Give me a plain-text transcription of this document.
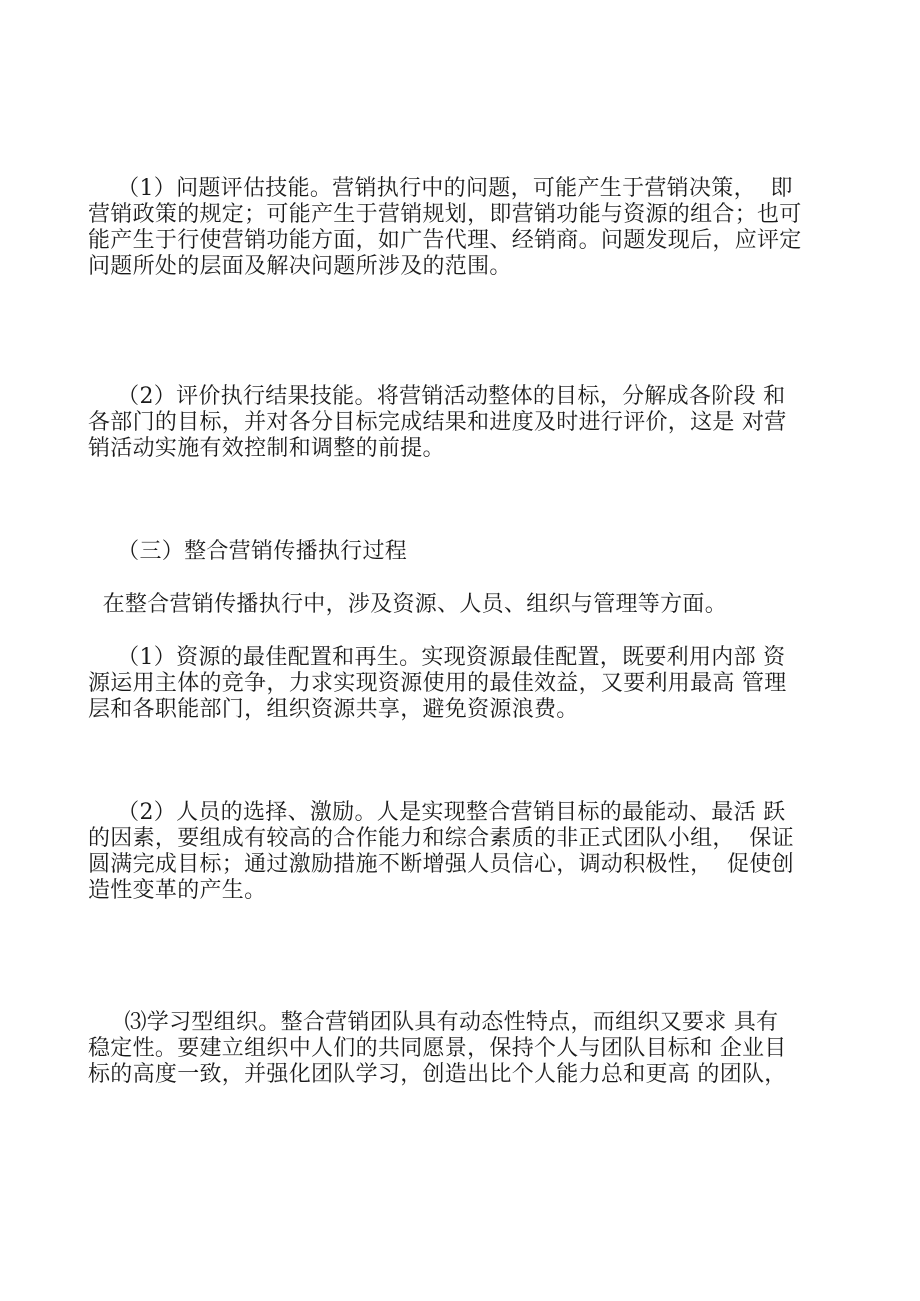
（1）问题评估技能。营销执行中的问题，可能产生于营销决策，  即
营销政策的规定；可能产生于营销规划，即营销功能与资源的组合；也可
能产生于行使营销功能方面，如广告代理、经销商。问题发现后，应评定
问题所处的层面及解决问题所涉及的范围。
（2）评价执行结果技能。将营销活动整体的目标，分解成各阶段 和
各部门的目标，并对各分目标完成结果和进度及时进行评价，这是 对营
销活动实施有效控制和调整的前提。
（三）整合营销传播执行过程
在整合营销传播执行中，涉及资源、人员、组织与管理等方面。
（1）资源的最佳配置和再生。实现资源最佳配置，既要利用内部 资
源运用主体的竞争，力求实现资源使用的最佳效益，又要利用最高 管理
层和各职能部门，组织资源共享，避免资源浪费。
（2）人员的选择、激励。人是实现整合营销目标的最能动、最活 跃
的因素，要组成有较高的合作能力和综合素质的非正式团队小组，  保证
圆满完成目标；通过激励措施不断增强人员信心，调动积极性，  促使创
造性变革的产生。
⑶学习型组织。整合营销团队具有动态性特点，而组织又要求 具有
稳定性。要建立组织中人们的共同愿景，保持个人与团队目标和 企业目
标的高度一致，并强化团队学习，创造出比个人能力总和更高 的团队，
